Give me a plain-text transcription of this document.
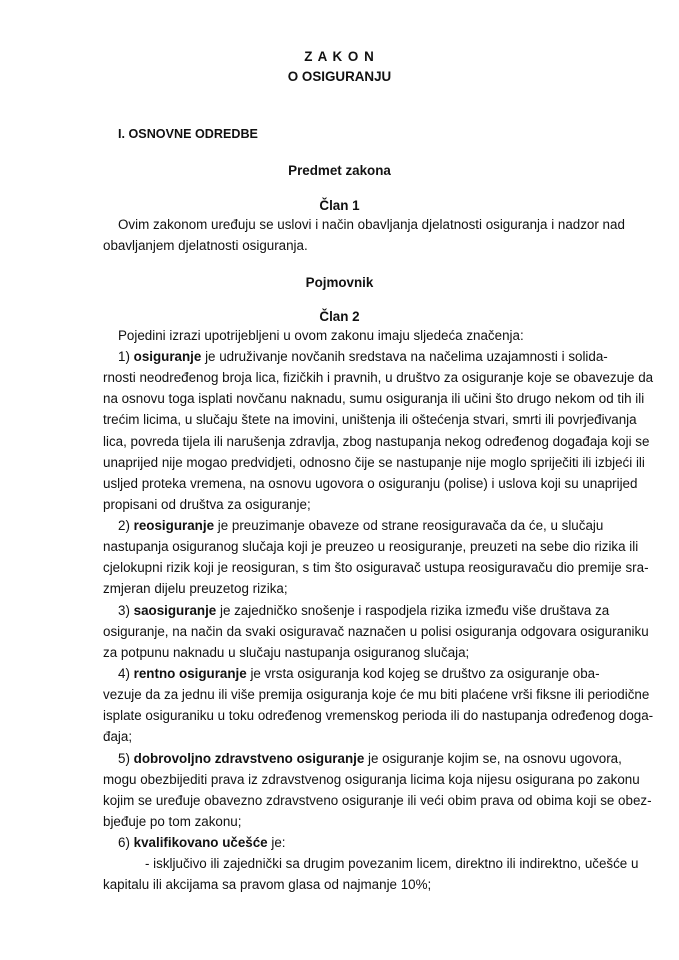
Z A K O N
O OSIGURANJU
I. OSNOVNE ODREDBE
Predmet zakona
Član 1
Ovim zakonom uređuju se uslovi i način obavljanja djelatnosti osiguranja i nadzor nad
obavljanjem djelatnosti osiguranja.
Pojmovnik
Član 2
Pojedini izrazi upotrijebljeni u ovom zakonu imaju sljedeća značenja:
1) osiguranje je udruživanje novčanih sredstava na načelima uzajamnosti i solida-
rnosti neodređenog broja lica, fizičkih i pravnih, u društvo za osiguranje koje se obavezuje da
na osnovu toga isplati novčanu naknadu, sumu osiguranja ili učini što drugo nekom od tih ili
trećim licima, u slučaju štete na imovini, uništenja ili oštećenja stvari, smrti ili povrjeđivanja
lica, povreda tijela ili narušenja zdravlja, zbog nastupanja nekog određenog događaja koji se
unaprijed nije mogao predvidjeti, odnosno čije se nastupanje nije moglo spriječiti ili izbjeći ili
usljed proteka vremena, na osnovu ugovora o osiguranju (polise) i uslova koji su unaprijed
propisani od društva za osiguranje;
2) reosiguranje je preuzimanje obaveze od strane reosiguravača da će, u slučaju
nastupanja osiguranog slučaja koji je preuzeo u reosiguranje, preuzeti na sebe dio rizika ili
cjelokupni rizik koji je reosiguran, s tim što osiguravač ustupa reosiguravaču dio premije sra-
zmjeran dijelu preuzetog rizika;
3) saosiguranje je zajedničko snošenje i raspodjela rizika između više društava za
osiguranje, na način da svaki osiguravač naznačen u polisi osiguranja odgovara osiguraniku
za potpunu naknadu u slučaju nastupanja osiguranog slučaja;
4) rentno osiguranje je vrsta osiguranja kod kojeg se društvo za osiguranje oba-
vezuje da za jednu ili više premija osiguranja koje će mu biti plaćene vrši fiksne ili periodične
isplate osiguraniku u toku određenog vremenskog perioda ili do nastupanja određenog doga-
đaja;
5) dobrovoljno zdravstveno osiguranje je osiguranje kojim se, na osnovu ugovora,
mogu obezbijediti prava iz zdravstvenog osiguranja licima koja nijesu osigurana po zakonu
kojim se uređuje obavezno zdravstveno osiguranje ili veći obim prava od obima koji se obez-
bjeđuje po tom zakonu;
6) kvalifikovano učešće je:
- isključivo ili zajednički sa drugim povezanim licem, direktno ili indirektno, učešće u
kapitalu ili akcijama sa pravom glasa od najmanje 10%;
